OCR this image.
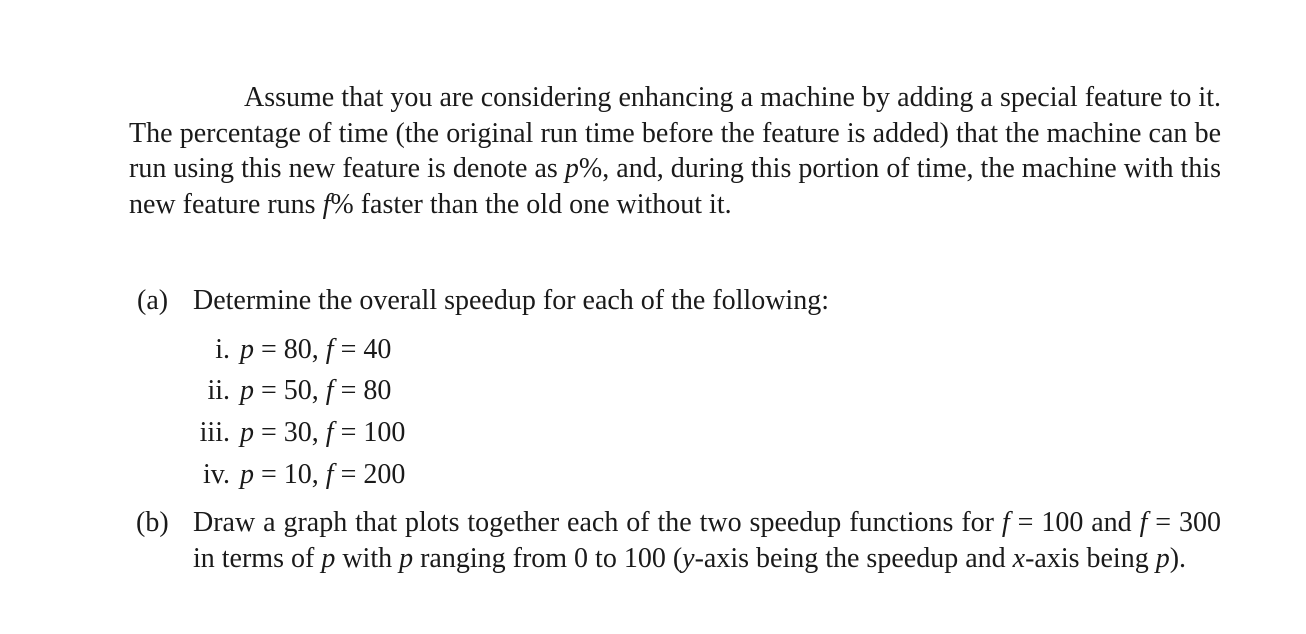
Assume that you are considering enhancing a machine by adding a special feature to it. The percentage of time (the original run time before the feature is added) that the machine can be run using this new feature is denote as p%, and, during this portion of time, the machine with this new feature runs f% faster than the old one without it.

(a) Determine the overall speedup for each of the following:
i. p = 80, f = 40
ii. p = 50, f = 80
iii. p = 30, f = 100
iv. p = 10, f = 200
(b) Draw a graph that plots together each of the two speedup functions for f = 100 and f = 300 in terms of p with p ranging from 0 to 100 (y-axis being the speedup and x-axis being p).
